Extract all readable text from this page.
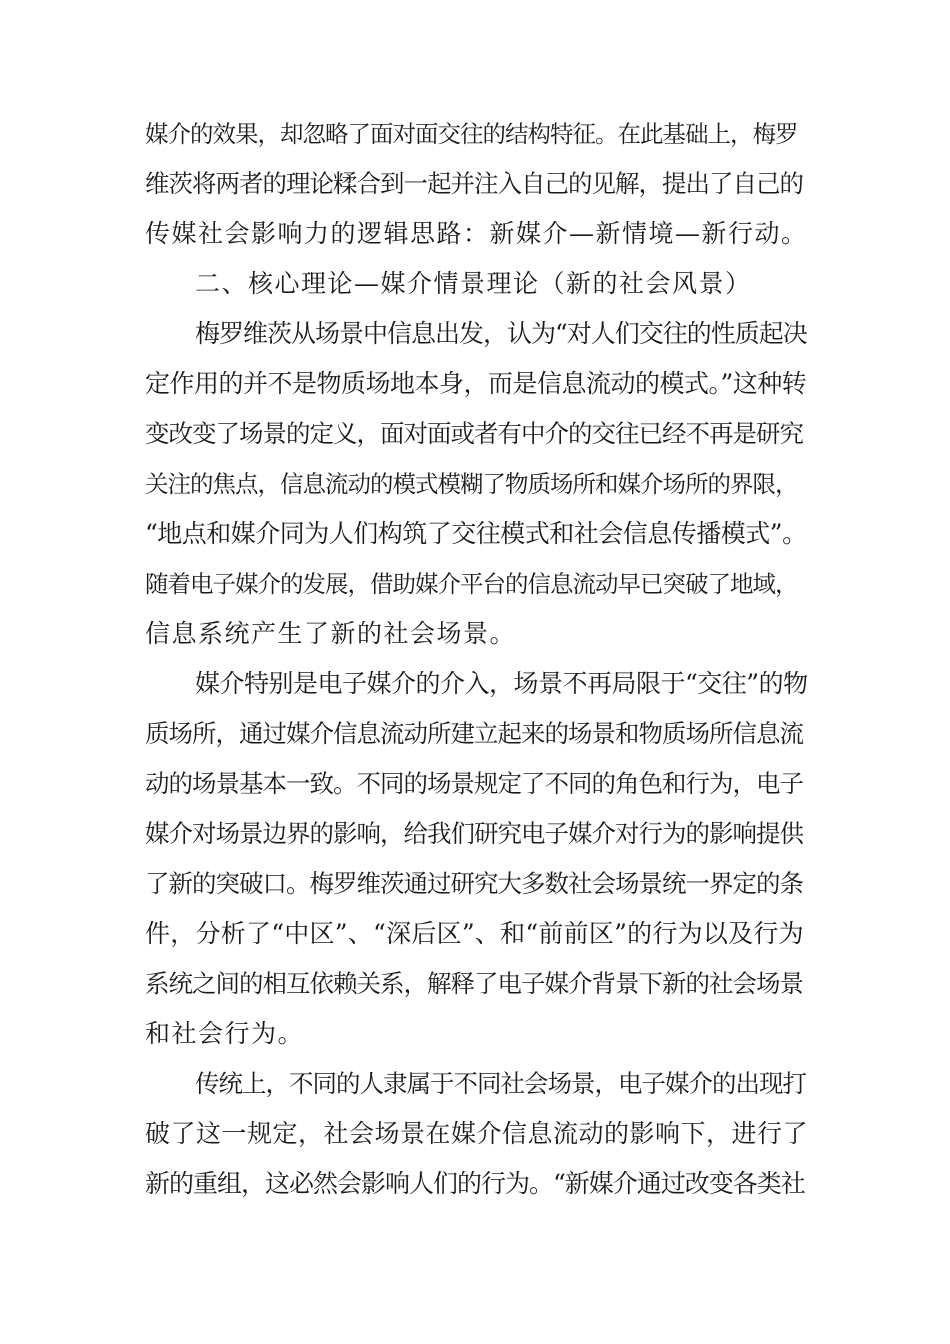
媒介的效果，却忽略了面对面交往的结构特征。在此基础上，梅罗
维茨将两者的理论糅合到一起并注入自己的见解，提出了自己的
传媒社会影响力的逻辑思路：新媒介—新情境—新行动。
二、核心理论—媒介情景理论（新的社会风景）
梅罗维茨从场景中信息出发，认为“对人们交往的性质起决
定作用的并不是物质场地本身，而是信息流动的模式。”这种转
变改变了场景的定义，面对面或者有中介的交往已经不再是研究
关注的焦点，信息流动的模式模糊了物质场所和媒介场所的界限，
“地点和媒介同为人们构筑了交往模式和社会信息传播模式”。
随着电子媒介的发展，借助媒介平台的信息流动早已突破了地域，
信息系统产生了新的社会场景。
媒介特别是电子媒介的介入，场景不再局限于“交往”的物
质场所，通过媒介信息流动所建立起来的场景和物质场所信息流
动的场景基本一致。不同的场景规定了不同的角色和行为，电子
媒介对场景边界的影响，给我们研究电子媒介对行为的影响提供
了新的突破口。梅罗维茨通过研究大多数社会场景统一界定的条
件，分析了“中区”、“深后区”、和“前前区”的行为以及行为
系统之间的相互依赖关系，解释了电子媒介背景下新的社会场景
和社会行为。
传统上，不同的人隶属于不同社会场景，电子媒介的出现打
破了这一规定，社会场景在媒介信息流动的影响下，进行了
新的重组，这必然会影响人们的行为。“新媒介通过改变各类社
